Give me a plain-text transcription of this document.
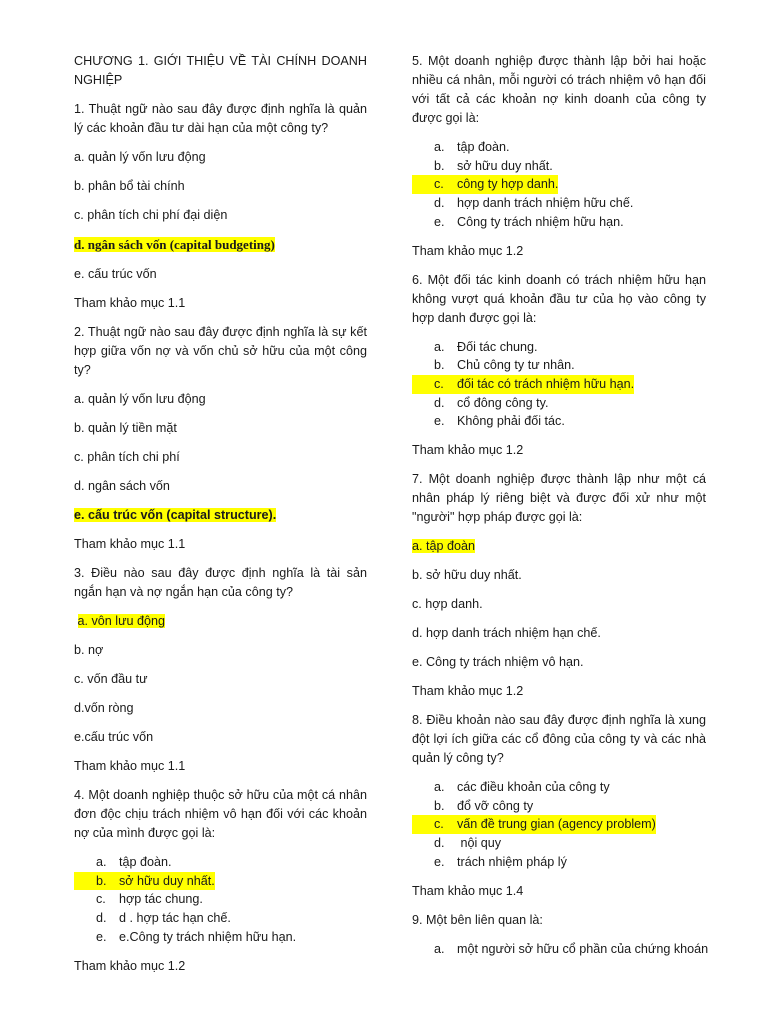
CHƯƠNG 1. GIỚI THIỆU VỀ TÀI CHÍNH DOANH NGHIỆP

1. Thuật ngữ nào sau đây được định nghĩa là quản lý các khoản đầu tư dài hạn của một công ty?

a. quản lý vốn lưu động

b. phân bổ tài chính

c. phân tích chi phí đại diện

d. ngân sách vốn (capital budgeting)

e. cấu trúc vốn

Tham khảo mục 1.1

2. Thuật ngữ nào sau đây được định nghĩa là sự kết hợp giữa vốn nợ và vốn chủ sở hữu của một công ty?

a. quản lý vốn lưu động

b. quản lý tiền mặt

c. phân tích chi phí

d. ngân sách vốn

e. cấu trúc vốn (capital structure).

Tham khảo mục 1.1

3. Điều nào sau đây được định nghĩa là tài sản ngắn hạn và nợ ngắn hạn của công ty?

a. vôn lưu động

b. nợ

c. vốn đầu tư

d.vốn ròng

e.cấu trúc vốn

Tham khảo mục 1.1

4. Một doanh nghiệp thuộc sở hữu của một cá nhân đơn độc chịu trách nhiệm vô hạn đối với các khoản nợ của mình được gọi là:

a. tập đoàn.
b. sở hữu duy nhất.
c.	hợp tác chung.
d. d . hợp tác hạn chế.
e. e.Công ty trách nhiệm hữu hạn.

Tham khảo mục 1.2

5. Một doanh nghiệp được thành lập bởi hai hoặc nhiều cá nhân, mỗi người có trách nhiệm vô hạn đối với tất cả các khoản nợ kinh doanh của công ty được gọi là:

a. tập đoàn.
b. sở hữu duy nhất.
c.	công ty hợp danh.
d. hợp danh trách nhiệm hữu chế.
e. Công ty trách nhiệm hữu hạn.

Tham khảo mục 1.2

6. Một đối tác kinh doanh có trách nhiệm hữu hạn không vượt quá khoản đầu tư của họ vào công ty hợp danh được gọi là:

a. Đối tác chung.
b. Chủ công ty tư nhân.
c.	đối tác có trách nhiệm hữu hạn.
d. cổ đông công ty.
e. Không phải đối tác.

Tham khảo mục 1.2

7. Một doanh nghiệp được thành lập như một cá nhân pháp lý riêng biệt và được đối xử như một "người" hợp pháp được gọi là:

a. tập đoàn

b. sở hữu duy nhất.

c. hợp danh.

d. hợp danh trách nhiệm hạn chế.

e. Công ty trách nhiệm vô hạn.

Tham khảo mục 1.2

8. Điều khoản nào sau đây được định nghĩa là xung đột lợi ích giữa các cổ đông của công ty và các nhà quản lý công ty?

a. các điều khoản của công ty
b. đổ vỡ công ty
c.	vấn đề trung gian (agency problem)
d. nội quy
e. trách nhiệm pháp lý

Tham khảo mục 1.4

9. Một bên liên quan là:

a. một người sở hữu cổ phần của chứng khoán
